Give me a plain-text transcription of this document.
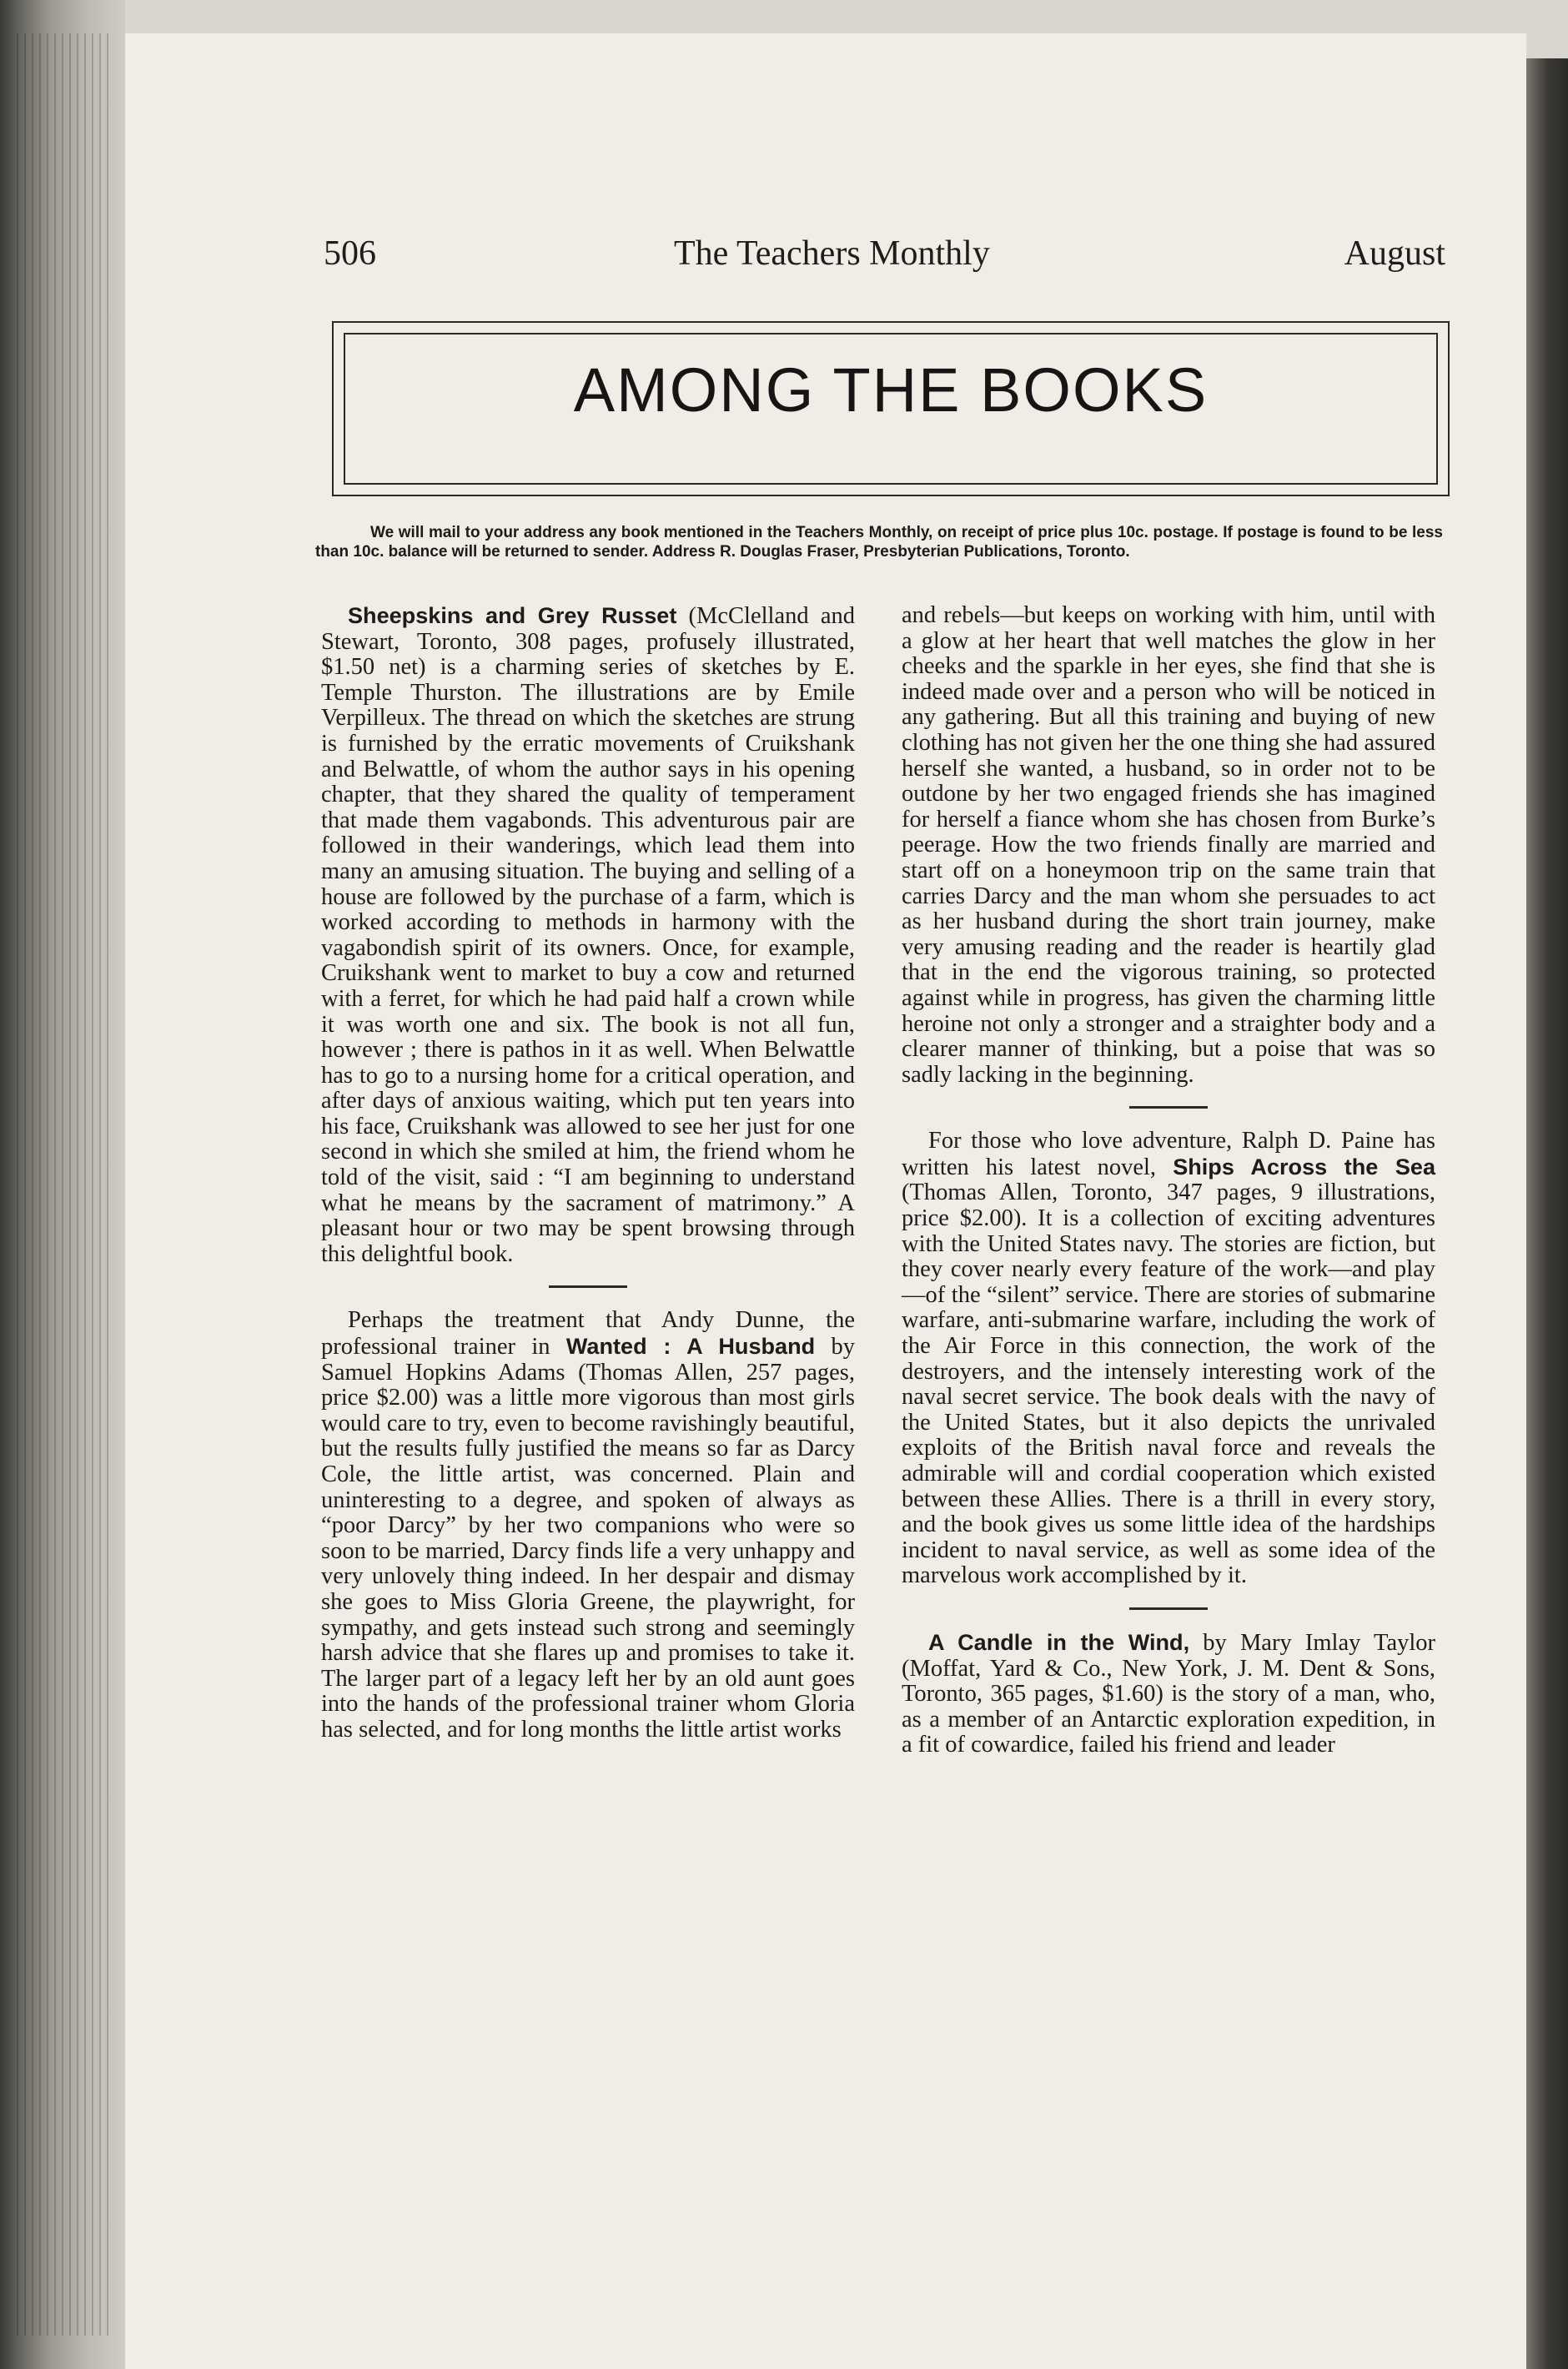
506	The Teachers Monthly	August
AMONG THE BOOKS
We will mail to your address any book mentioned in the Teachers Monthly, on receipt of price plus 10c. postage. If postage is found to be less than 10c. balance will be returned to sender. Address R. Douglas Fraser, Presbyterian Publications, Toronto.

Sheepskins and Grey Russet (McClelland and Stewart, Toronto, 308 pages, profusely illustrated, $1.50 net) is a charming series of sketches by E. Temple Thurston. The illustrations are by Emile Verpilleux. The thread on which the sketches are strung is furnished by the erratic movements of Cruikshank and Belwattle, of whom the author says in his opening chapter, that they shared the quality of temperament that made them vagabonds. This adventurous pair are followed in their wanderings, which lead them into many an amusing situation. The buying and selling of a house are followed by the purchase of a farm, which is worked according to methods in harmony with the vagabondish spirit of its owners. Once, for example, Cruikshank went to market to buy a cow and returned with a ferret, for which he had paid half a crown while it was worth one and six. The book is not all fun, however ; there is pathos in it as well. When Belwattle has to go to a nursing home for a critical operation, and after days of anxious waiting, which put ten years into his face, Cruikshank was allowed to see her just for one second in which she smiled at him, the friend whom he told of the visit, said : “I am beginning to understand what he means by the sacrament of matrimony.” A pleasant hour or two may be spent browsing through this delightful book.

Perhaps the treatment that Andy Dunne, the professional trainer in Wanted : A Husband by Samuel Hopkins Adams (Thomas Allen, 257 pages, price $2.00) was a little more vigorous than most girls would care to try, even to become ravishingly beautiful, but the results fully justified the means so far as Darcy Cole, the little artist, was concerned. Plain and uninteresting to a degree, and spoken of always as “poor Darcy” by her two companions who were so soon to be married, Darcy finds life a very unhappy and very unlovely thing indeed. In her despair and dismay she goes to Miss Gloria Greene, the playwright, for sympathy, and gets instead such strong and seemingly harsh advice that she flares up and promises to take it. The larger part of a legacy left her by an old aunt goes into the hands of the professional trainer whom Gloria has selected, and for long months the little artist works

and rebels—but keeps on working with him, until with a glow at her heart that well matches the glow in her cheeks and the sparkle in her eyes, she find that she is indeed made over and a person who will be noticed in any gathering. But all this training and buying of new clothing has not given her the one thing she had assured herself she wanted, a husband, so in order not to be outdone by her two engaged friends she has imagined for herself a fiance whom she has chosen from Burke’s peerage. How the two friends finally are married and start off on a honeymoon trip on the same train that carries Darcy and the man whom she persuades to act as her husband during the short train journey, make very amusing reading and the reader is heartily glad that in the end the vigorous training, so protected against while in progress, has given the charming little heroine not only a stronger and a straighter body and a clearer manner of thinking, but a poise that was so sadly lacking in the beginning.

For those who love adventure, Ralph D. Paine has written his latest novel, Ships Across the Sea (Thomas Allen, Toronto, 347 pages, 9 illustrations, price $2.00). It is a collection of exciting adventures with the United States navy. The stories are fiction, but they cover nearly every feature of the work—and play—of the “silent” service. There are stories of submarine warfare, anti-submarine warfare, including the work of the Air Force in this connection, the work of the destroyers, and the intensely interesting work of the naval secret service. The book deals with the navy of the United States, but it also depicts the unrivaled exploits of the British naval force and reveals the admirable will and cordial cooperation which existed between these Allies. There is a thrill in every story, and the book gives us some little idea of the hardships incident to naval service, as well as some idea of the marvelous work accomplished by it.

A Candle in the Wind, by Mary Imlay Taylor (Moffat, Yard & Co., New York, J. M. Dent & Sons, Toronto, 365 pages, $1.60) is the story of a man, who, as a member of an Antarctic exploration expedition, in a fit of cowardice, failed his friend and leader
